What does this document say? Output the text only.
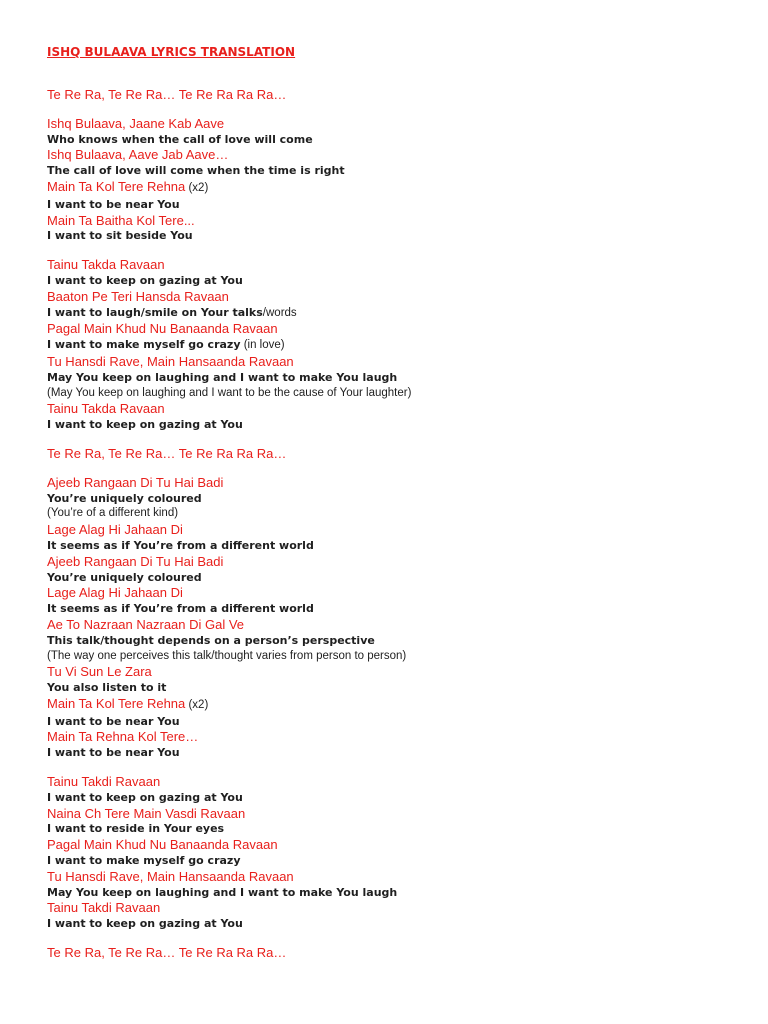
ISHQ BULAAVA LYRICS TRANSLATION
Te Re Ra, Te Re Ra… Te Re Ra Ra Ra…
Ishq Bulaava, Jaane Kab Aave
Who knows when the call of love will come
Ishq Bulaava, Aave Jab Aave…
The call of love will come when the time is right
Main Ta Kol Tere Rehna (x2)
I want to be near You
Main Ta Baitha Kol Tere...
I want to sit beside You
Tainu Takda Ravaan
I want to keep on gazing at You
Baaton Pe Teri Hansda Ravaan
I want to laugh/smile on Your talks/words
Pagal Main Khud Nu Banaanda Ravaan
I want to make myself go crazy (in love)
Tu Hansdi Rave, Main Hansaanda Ravaan
May You keep on laughing and I want to make You laugh
(May You keep on laughing and I want to be the cause of Your laughter)
Tainu Takda Ravaan
I want to keep on gazing at You
Te Re Ra, Te Re Ra… Te Re Ra Ra Ra…
Ajeeb Rangaan Di Tu Hai Badi
You’re uniquely coloured
(You’re of a different kind)
Lage Alag Hi Jahaan Di
It seems as if You’re from a different world
Ajeeb Rangaan Di Tu Hai Badi
You’re uniquely coloured
Lage Alag Hi Jahaan Di
It seems as if You’re from a different world
Ae To Nazraan Nazraan Di Gal Ve
This talk/thought depends on a person’s perspective
(The way one perceives this talk/thought varies from person to person)
Tu Vi Sun Le Zara
You also listen to it
Main Ta Kol Tere Rehna (x2)
I want to be near You
Main Ta Rehna Kol Tere…
I want to be near You
Tainu Takdi Ravaan
I want to keep on gazing at You
Naina Ch Tere Main Vasdi Ravaan
I want to reside in Your eyes
Pagal Main Khud Nu Banaanda Ravaan
I want to make myself go crazy
Tu Hansdi Rave, Main Hansaanda Ravaan
May You keep on laughing and I want to make You laugh
Tainu Takdi Ravaan
I want to keep on gazing at You
Te Re Ra, Te Re Ra… Te Re Ra Ra Ra…
